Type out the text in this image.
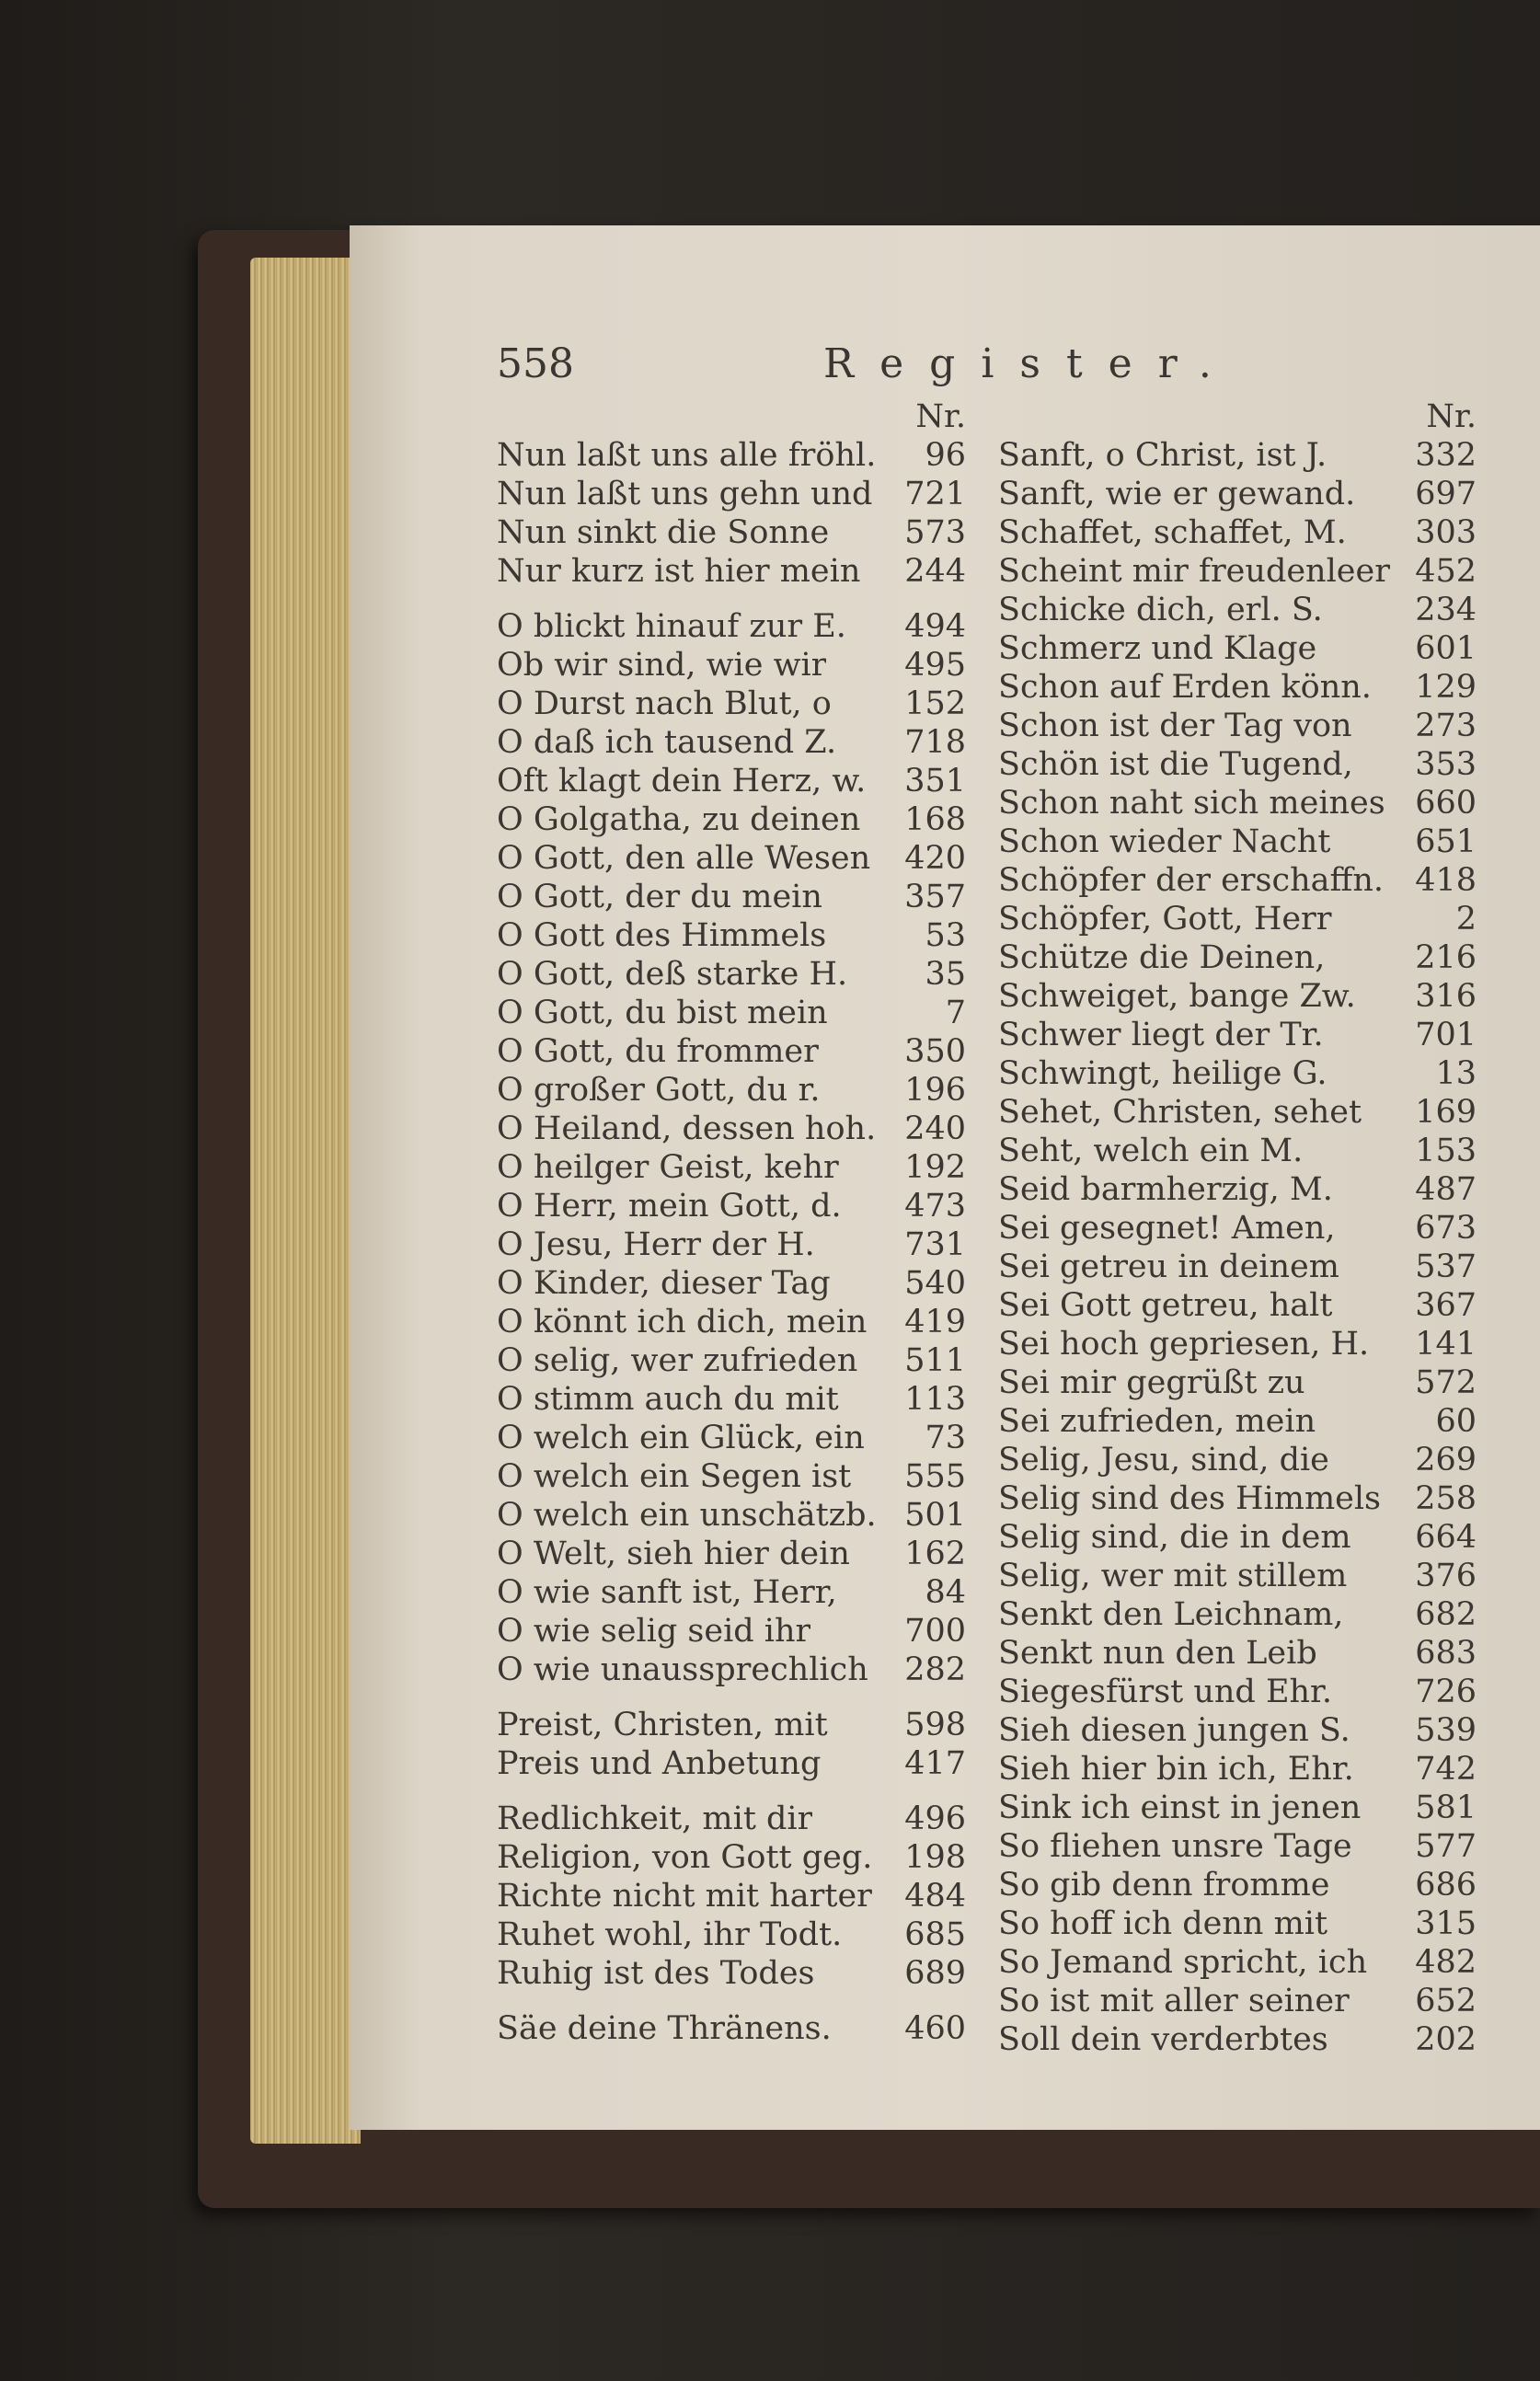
558	Register.
Nr.
Nun laßt uns alle fröhl. 96
Nun laßt uns gehn und 721
Nun sinkt die Sonne 573
Nur kurz ist hier mein 244
O blickt hinauf zur E. 494
Ob wir sind, wie wir 495
O Durst nach Blut, o 152
O daß ich tausend Z. 718
Oft klagt dein Herz, w. 351
O Golgatha, zu deinen 168
O Gott, den alle Wesen 420
O Gott, der du mein	357
O Gott des Himmels	53
O Gott, deß starke H. 35
O Gott, du bist mein	7
O Gott, du frommer	350
O großer Gott, du r.	196
O Heiland, dessen hoh. 240
O heilger Geist, kehr 192
O Herr, mein Gott, d. 473
O Jesu, Herr der H.	731
O Kinder, dieser Tag 540
O könnt ich dich, mein 419
O selig, wer zufrieden 511
O stimm auch du mit 113
O welch ein Glück, ein 73
O welch ein Segen ist 555
O welch ein unschätzb. 501
O Welt, sieh hier dein 162
O wie sanft ist, Herr,	84
O wie selig seid ihr	700
O wie unaussprechlich 282
Preist, Christen, mit 598
Preis und Anbetung	417
Redlichkeit, mit dir	496
Religion, von Gott geg. 198
Richte nicht mit harter 484
Ruhet wohl, ihr Todt. 685
Ruhig ist des Todes	689
Säe deine Thränens. 460
Nr.
Sanft, o Christ, ist J.	332
Sanft, wie er gewand. 697
Schaffet, schaffet, M. 303
Scheint mir freudenleer 452
Schicke dich, erl. S.	234
Schmerz und Klage	601
Schon auf Erden könn. 129
Schon ist der Tag von 273
Schön ist die Tugend, 353
Schon naht sich meines 660
Schon wieder Nacht	651
Schöpfer der erschaffn. 418
Schöpfer, Gott, Herr	2
Schütze die Deinen,	216
Schweiget, bange Zw. 316
Schwer liegt der Tr.	701
Schwingt, heilige G.	13
Sehet, Christen, sehet 169
Seht, welch ein M.	153
Seid barmherzig, M.	487
Sei gesegnet! Amen, 673
Sei getreu in deinem 537
Sei Gott getreu, halt	367
Sei hoch gepriesen, H. 141
Sei mir gegrüßt zu	572
Sei zufrieden, mein	60
Selig, Jesu, sind, die	269
Selig sind des Himmels 258
Selig sind, die in dem 664
Selig, wer mit stillem 376
Senkt den Leichnam, 682
Senkt nun den Leib	683
Siegesfürst und Ehr.	726
Sieh diesen jungen S. 539
Sieh hier bin ich, Ehr. 742
Sink ich einst in jenen 581
So fliehen unsre Tage 577
So gib denn fromme	686
So hoff ich denn mit	315
So Jemand spricht, ich 482
So ist mit aller seiner 652
Soll dein verderbtes	202
